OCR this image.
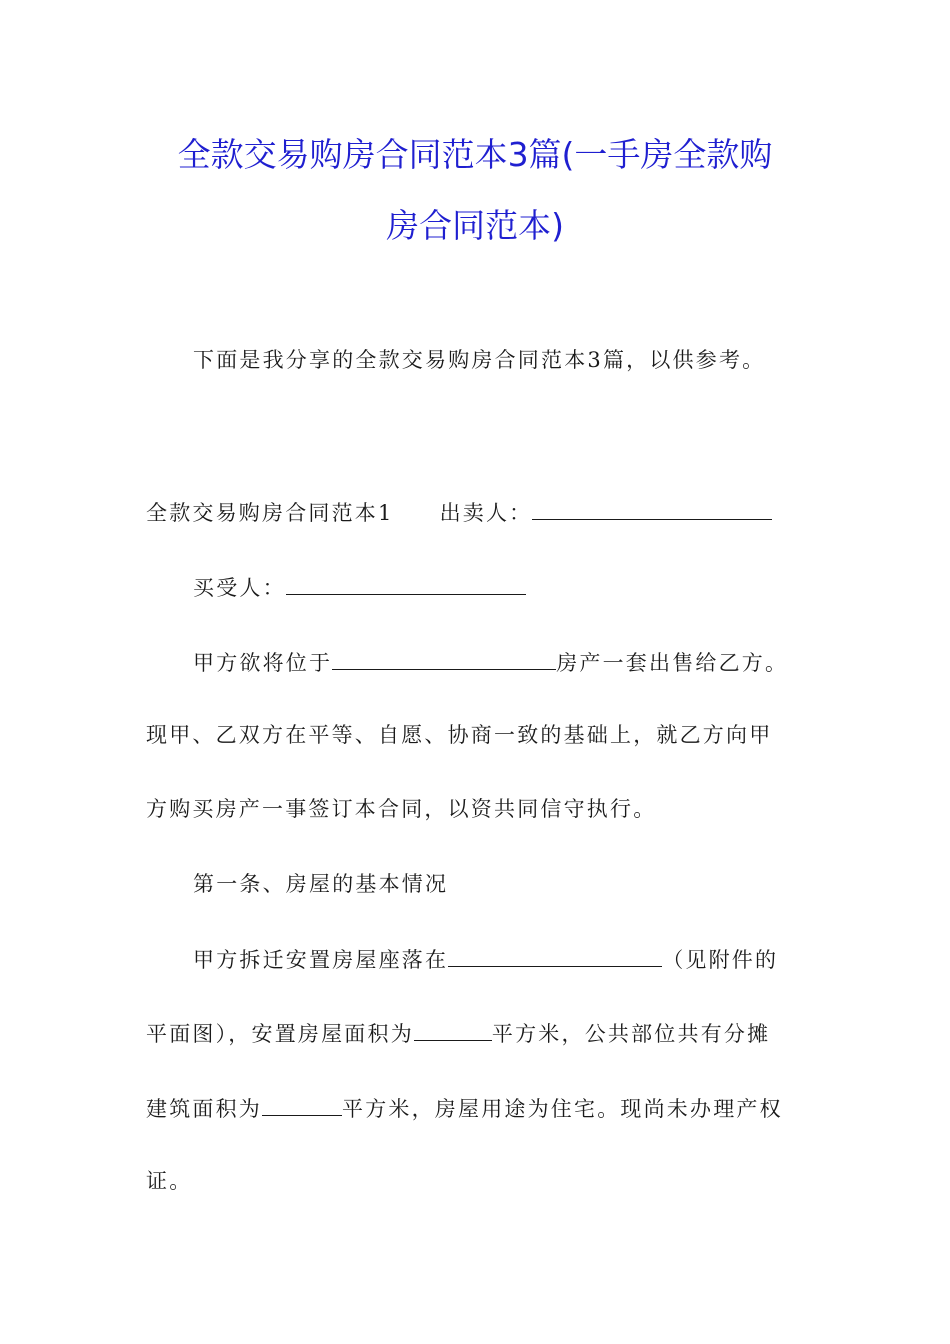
全款交易购房合同范本3篇(一手房全款购
房合同范本)
下面是我分享的全款交易购房合同范本3篇，以供参考。
全款交易购房合同范本1 出卖人：
买受人：
甲方欲将位于	房产一套出售给乙方。
现甲、乙双方在平等、自愿、协商一致的基础上，就乙方向甲
方购买房产一事签订本合同，以资共同信守执行。
第一条、房屋的基本情况
甲方拆迁安置房屋座落在	（见附件的
平面图），安置房屋面积为	平方米，公共部位共有分摊
建筑面积为	平方米，房屋用途为住宅。现尚未办理产权
证。
